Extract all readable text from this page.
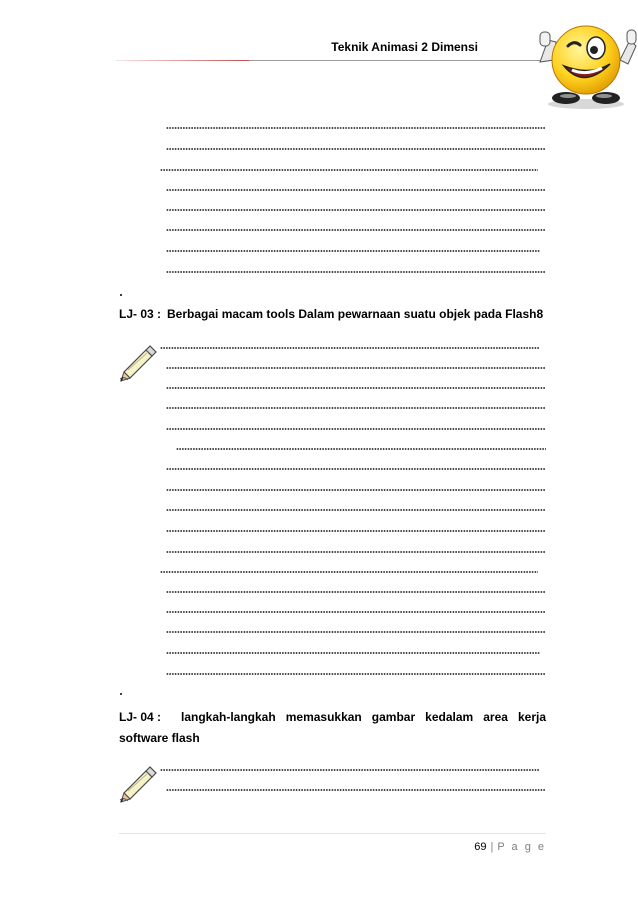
Teknik Animasi 2 Dimensi
LJ- 03 : Berbagai macam tools Dalam pewarnaan suatu objek pada Flash8
LJ- 04 : langkah-langkah memasukkan gambar kedalam area kerja software flash
69 | P a g e
